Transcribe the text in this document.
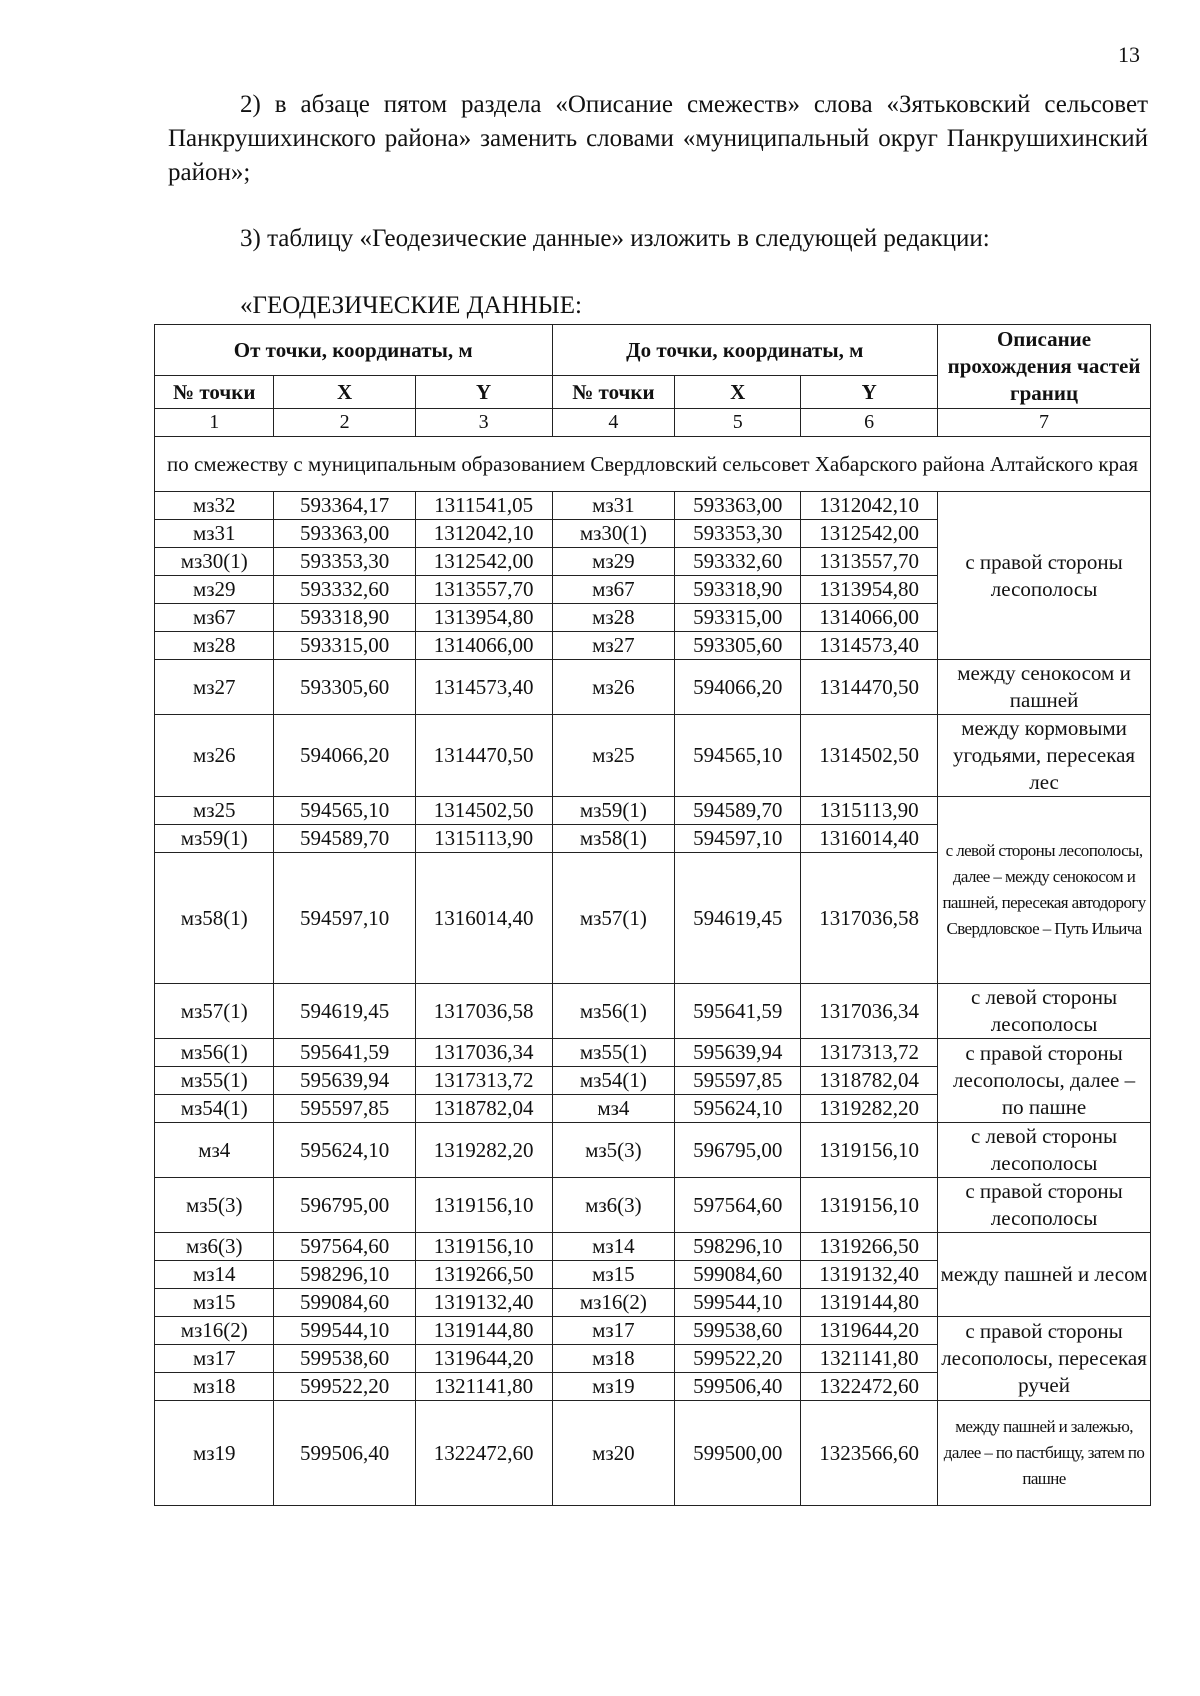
13
2) в абзаце пятом раздела «Описание смежеств» слова «Зятьковский сельсовет Панкрушихинского района» заменить словами «муниципальный округ Панкрушихинский район»;
3) таблицу «Геодезические данные» изложить в следующей редакции:
«ГЕОДЕЗИЧЕСКИЕ ДАННЫЕ:
От точки, координаты, м			До точки, координаты, м			Описание прохождения частей границ
№ точки	X	Y	№ точки	X	Y	
1	2	3	4	5	6	7
по смежеству с муниципальным образованием Свердловский сельсовет Хабарского района Алтайского края						
мз32	593364,17	1311541,05	мз31	593363,00	1312042,10	с правой стороны лесополосы
мз31	593363,00	1312042,10	мз30(1)	593353,30	1312542,00	
мз30(1)	593353,30	1312542,00	мз29	593332,60	1313557,70	
мз29	593332,60	1313557,70	мз67	593318,90	1313954,80	
мз67	593318,90	1313954,80	мз28	593315,00	1314066,00	
мз28	593315,00	1314066,00	мз27	593305,60	1314573,40	
мз27	593305,60	1314573,40	мз26	594066,20	1314470,50	между сенокосом и пашней
мз26	594066,20	1314470,50	мз25	594565,10	1314502,50	между кормовыми угодьями, пересекая лес
мз25	594565,10	1314502,50	мз59(1)	594589,70	1315113,90	с левой стороны лесополосы, далее – между сенокосом и пашней, пересекая автодорогу Свердловское – Путь Ильича
мз59(1)	594589,70	1315113,90	мз58(1)	594597,10	1316014,40	
мз58(1)	594597,10	1316014,40	мз57(1)	594619,45	1317036,58	
мз57(1)	594619,45	1317036,58	мз56(1)	595641,59	1317036,34	с левой стороны лесополосы
мз56(1)	595641,59	1317036,34	мз55(1)	595639,94	1317313,72	с правой стороны лесополосы, далее – по пашне
мз55(1)	595639,94	1317313,72	мз54(1)	595597,85	1318782,04	
мз54(1)	595597,85	1318782,04	мз4	595624,10	1319282,20	
мз4	595624,10	1319282,20	мз5(3)	596795,00	1319156,10	с левой стороны лесополосы
мз5(3)	596795,00	1319156,10	мз6(3)	597564,60	1319156,10	с правой стороны лесополосы
мз6(3)	597564,60	1319156,10	мз14	598296,10	1319266,50	между пашней и лесом
мз14	598296,10	1319266,50	мз15	599084,60	1319132,40	
мз15	599084,60	1319132,40	мз16(2)	599544,10	1319144,80	
мз16(2)	599544,10	1319144,80	мз17	599538,60	1319644,20	с правой стороны лесополосы, пересекая ручей
мз17	599538,60	1319644,20	мз18	599522,20	1321141,80	
мз18	599522,20	1321141,80	мз19	599506,40	1322472,60	
мз19	599506,40	1322472,60	мз20	599500,00	1323566,60	между пашней и залежью, далее – по пастбищу, затем по пашне
